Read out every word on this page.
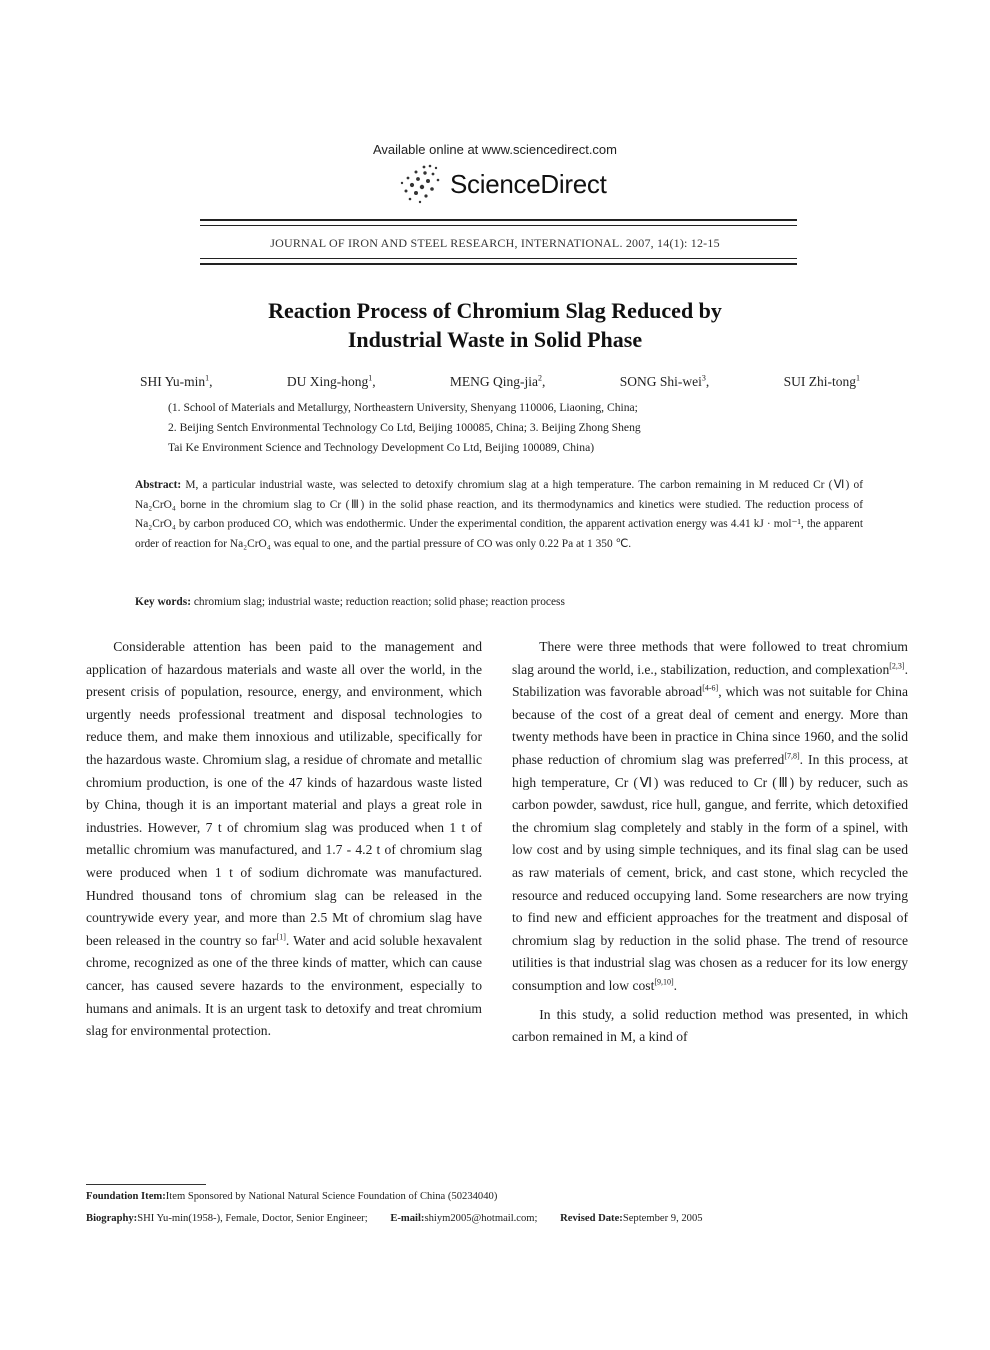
Available online at www.sciencedirect.com
ScienceDirect
JOURNAL OF IRON AND STEEL RESEARCH, INTERNATIONAL. 2007, 14(1): 12-15
Reaction Process of Chromium Slag Reduced by
Industrial Waste in Solid Phase
SHI $Yu-\min^1$,	DU Xing-hong$^1$,	MENG Qing-jia$^2$,	SONG Shi-wei$^3$,	SUI Zhi-tong$^1$
(1. School of Materials and Metallurgy, Northeastern University, Shenyang 110006, Liaoning, China;
2. Beijing Sentch Environmental Technology Co Ltd, Beijing 100085, China; 3. Beijing Zhong Sheng
Tai Ke Environment Science and Technology Development Co Ltd, Beijing 100089, China)
Abstract: M, a particular industrial waste, was selected to detoxify chromium slag at a high temperature. The carbon remaining in M reduced Cr (Ⅵ) of Na₂CrO₄ borne in the chromium slag to Cr (Ⅲ) in the solid phase reaction, and its thermodynamics and kinetics were studied. The reduction process of Na₂CrO₄ by carbon produced CO, which was endothermic. Under the experimental condition, the apparent activation energy was 4.41 kJ · mol⁻¹, the apparent order of reaction for Na₂CrO₄ was equal to one, and the partial pressure of CO was only 0.22 Pa at 1 350 ℃.
Key words: chromium slag; industrial waste; reduction reaction; solid phase; reaction process

Considerable attention has been paid to the management and application of hazardous materials and waste all over the world, in the present crisis of population, resource, energy, and environment, which urgently needs professional treatment and disposal technologies to reduce them, and make them innoxious and utilizable, specifically for the hazardous waste. Chromium slag, a residue of chromate and metallic chromium production, is one of the 47 kinds of hazardous waste listed by China, though it is an important material and plays a great role in industries. However, 7 t of chromium slag was produced when 1 t of metallic chromium was manufactured, and 1.7 - 4.2 t of chromium slag were produced when 1 t of sodium dichromate was manufactured. Hundred thousand tons of chromium slag can be released in the countrywide every year, and more than 2.5 Mt of chromium slag have been released in the country so far[1]. Water and acid soluble hexavalent chrome, recognized as one of the three kinds of matter, which can cause cancer, has caused severe hazards to the environment, especially to humans and animals. It is an urgent task to detoxify and treat chromium slag for environmental protection.

There were three methods that were followed to treat chromium slag around the world, i.e., stabilization, reduction, and complexation[2,3]. Stabilization was favorable abroad[4-6], which was not suitable for China because of the cost of a great deal of cement and energy. More than twenty methods have been in practice in China since 1960, and the solid phase reduction of chromium slag was preferred[7,8]. In this process, at high temperature, Cr (Ⅵ) was reduced to Cr (Ⅲ) by reducer, such as carbon powder, sawdust, rice hull, gangue, and ferrite, which detoxified the chromium slag completely and stably in the form of a spinel, with low cost and by using simple techniques, and its final slag can be used as raw materials of cement, brick, and cast stone, which recycled the resource and reduced occupying land. Some researchers are now trying to find new and efficient approaches for the treatment and disposal of chromium slag by reduction in the solid phase. The trend of resource utilities is that industrial slag was chosen as a reducer for its low energy consumption and low cost[9,10].

In this study, a solid reduction method was presented, in which carbon remained in M, a kind of

Foundation Item:Item Sponsored by National Natural Science Foundation of China (50234040)
Biography:SHI Yu-min(1958-), Female, Doctor, Senior Engineer; E-mail:shiym2005@hotmail.com; Revised Date:September 9, 2005
